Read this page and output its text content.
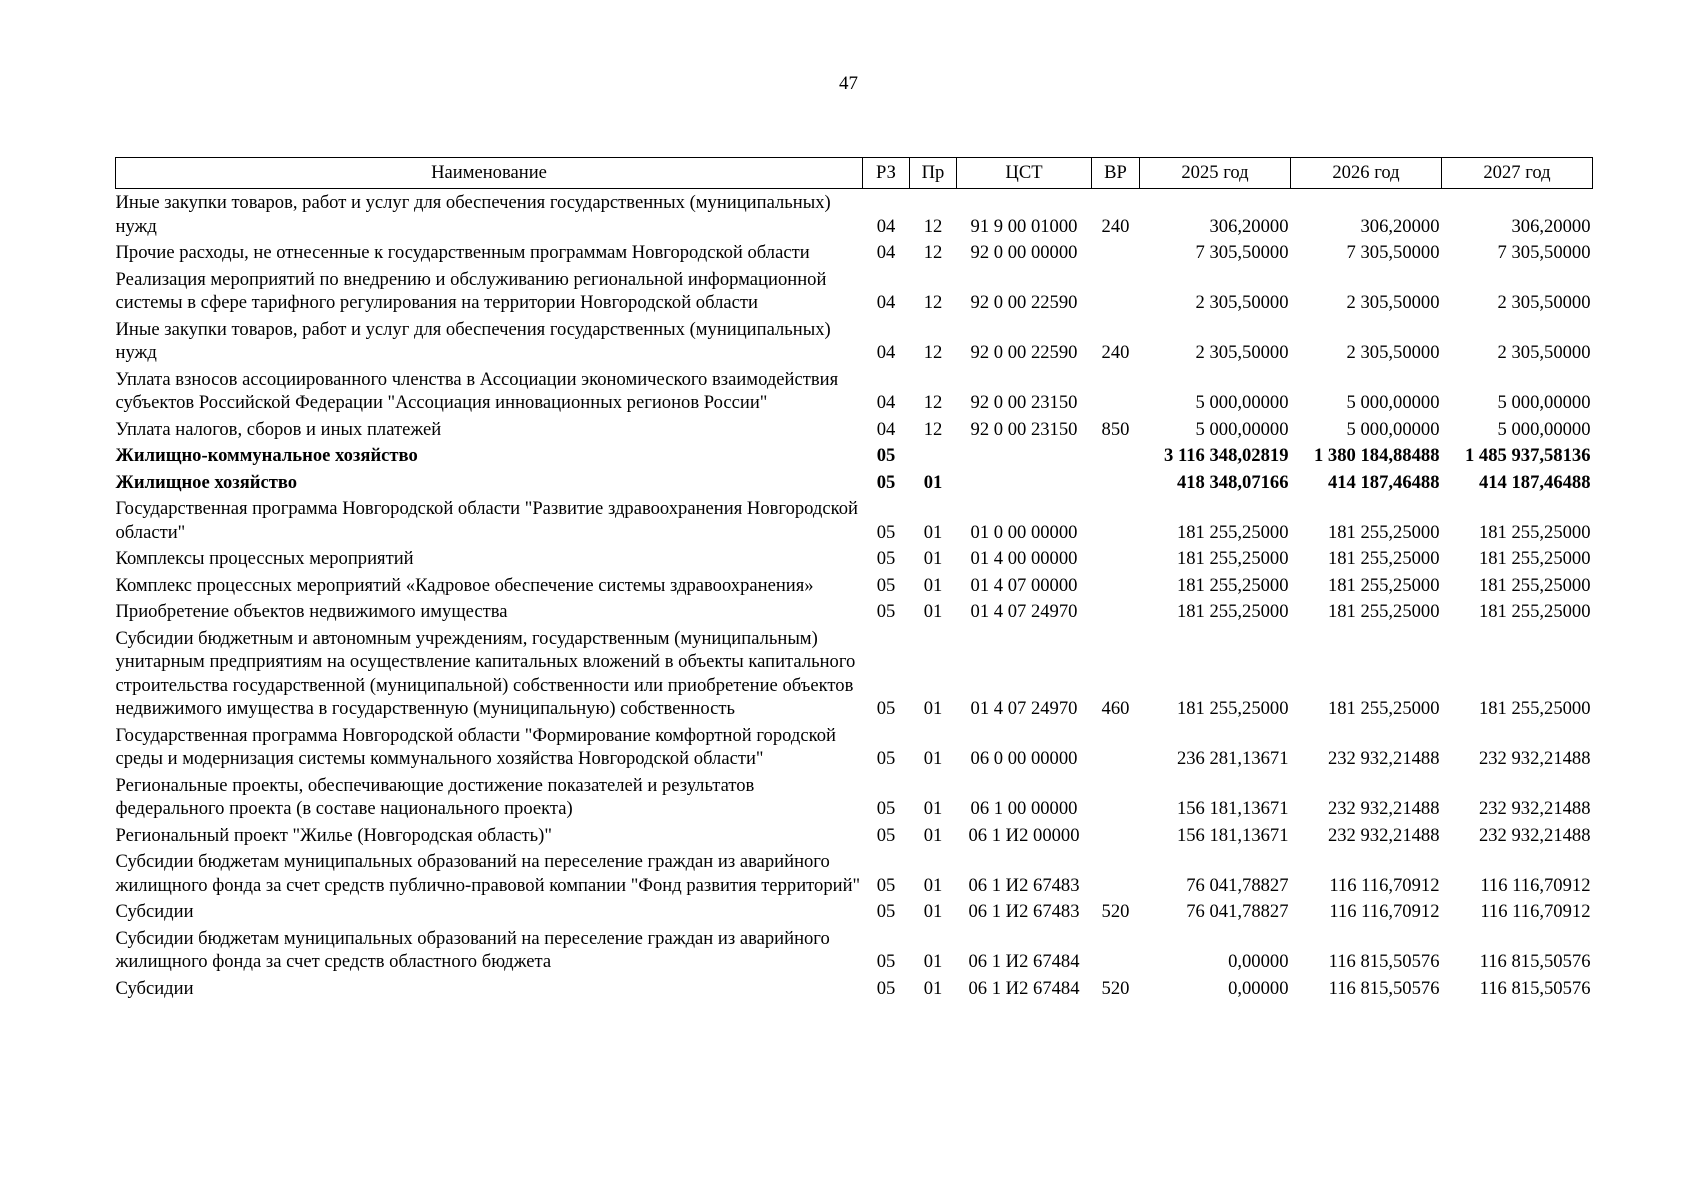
47
Наименование	РЗ	Пр	ЦСТ	ВР	2025 год	2026 год	2027 год
Иные закупки товаров, работ и услуг для обеспечения государственных (муниципальных) нужд	04	12	91 9 00 01000	240	306,20000	306,20000	306,20000
Прочие расходы, не отнесенные к государственным программам Новгородской области	04	12	92 0 00 00000		7 305,50000	7 305,50000	7 305,50000
Реализация мероприятий по внедрению и обслуживанию региональной информационной системы в сфере тарифного регулирования на территории Новгородской области	04	12	92 0 00 22590		2 305,50000	2 305,50000	2 305,50000
Иные закупки товаров, работ и услуг для обеспечения государственных (муниципальных) нужд	04	12	92 0 00 22590	240	2 305,50000	2 305,50000	2 305,50000
Уплата взносов ассоциированного членства в Ассоциации экономического взаимодействия субъектов Российской Федерации "Ассоциация инновационных регионов России"	04	12	92 0 00 23150		5 000,00000	5 000,00000	5 000,00000
Уплата налогов, сборов и иных платежей	04	12	92 0 00 23150	850	5 000,00000	5 000,00000	5 000,00000
Жилищно-коммунальное хозяйство	05				3 116 348,02819	1 380 184,88488	1 485 937,58136
Жилищное хозяйство	05	01			418 348,07166	414 187,46488	414 187,46488
Государственная программа Новгородской области "Развитие здравоохранения Новгородской области"	05	01	01 0 00 00000		181 255,25000	181 255,25000	181 255,25000
Комплексы процессных мероприятий	05	01	01 4 00 00000		181 255,25000	181 255,25000	181 255,25000
Комплекс процессных мероприятий «Кадровое обеспечение системы здравоохранения»	05	01	01 4 07 00000		181 255,25000	181 255,25000	181 255,25000
Приобретение объектов недвижимого имущества	05	01	01 4 07 24970		181 255,25000	181 255,25000	181 255,25000
Субсидии бюджетным и автономным учреждениям, государственным (муниципальным) унитарным предприятиям на осуществление капитальных вложений в объекты капитального строительства государственной (муниципальной) собственности или приобретение объектов недвижимого имущества в государственную (муниципальную) собственность	05	01	01 4 07 24970	460	181 255,25000	181 255,25000	181 255,25000
Государственная программа Новгородской области "Формирование комфортной городской среды и модернизация системы коммунального хозяйства Новгородской области"	05	01	06 0 00 00000		236 281,13671	232 932,21488	232 932,21488
Региональные проекты, обеспечивающие достижение показателей и результатов федерального проекта (в составе национального проекта)	05	01	06 1 00 00000		156 181,13671	232 932,21488	232 932,21488
Региональный проект "Жилье (Новгородская область)"	05	01	06 1 И2 00000		156 181,13671	232 932,21488	232 932,21488
Субсидии бюджетам муниципальных образований на переселение граждан из аварийного жилищного фонда за счет средств публично-правовой компании "Фонд развития территорий"	05	01	06 1 И2 67483		76 041,78827	116 116,70912	116 116,70912
Субсидии	05	01	06 1 И2 67483	520	76 041,78827	116 116,70912	116 116,70912
Субсидии бюджетам муниципальных образований на переселение граждан из аварийного жилищного фонда за счет средств областного бюджета	05	01	06 1 И2 67484		0,00000	116 815,50576	116 815,50576
Субсидии	05	01	06 1 И2 67484	520	0,00000	116 815,50576	116 815,50576
